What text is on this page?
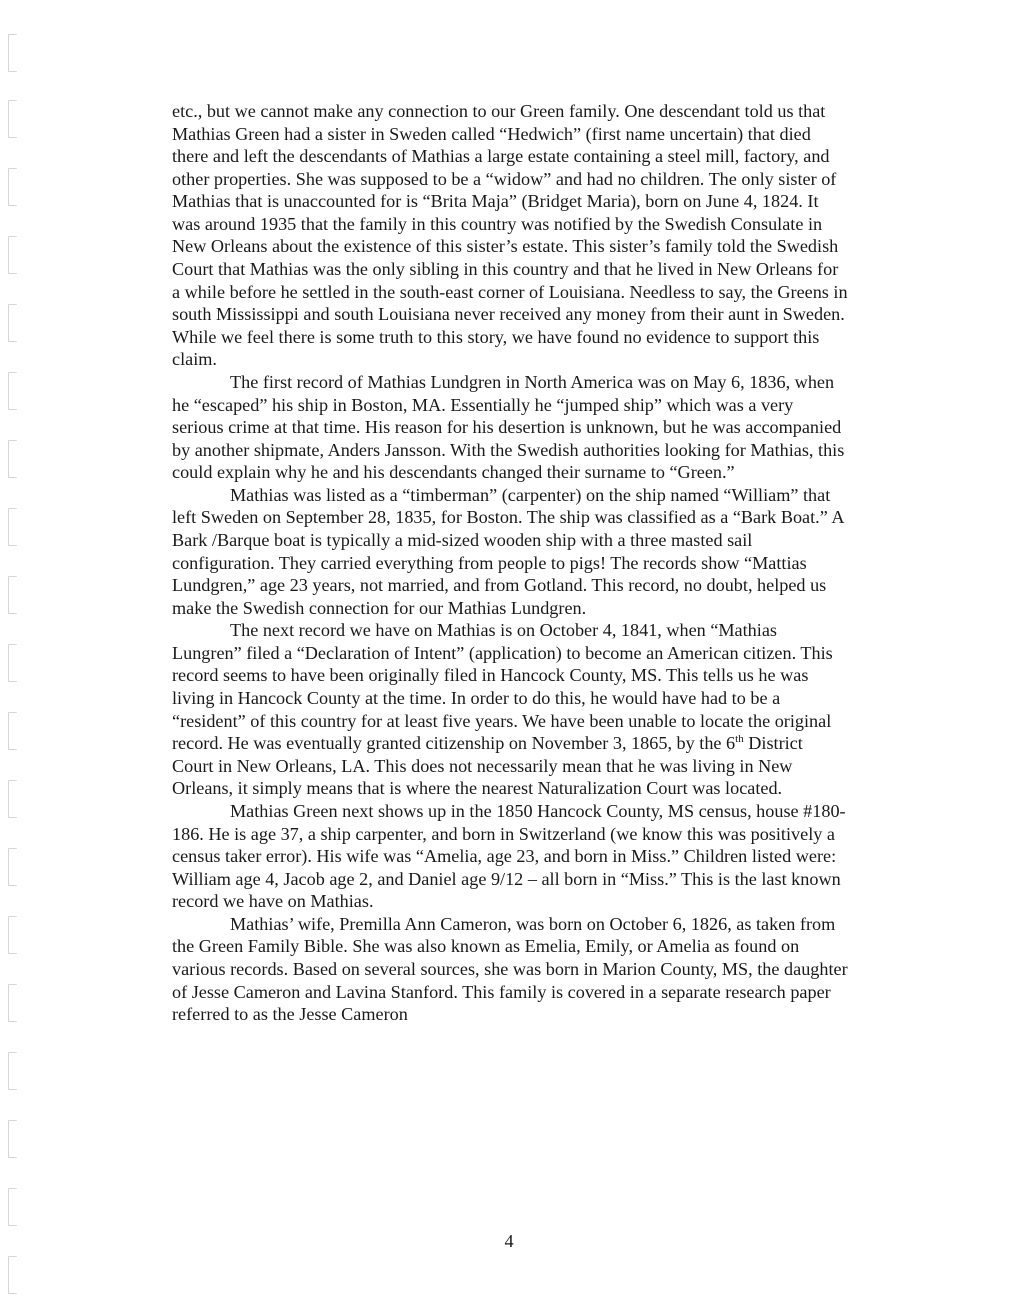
etc., but we cannot make any connection to our Green family. One descendant told us that Mathias Green had a sister in Sweden called “Hedwich” (first name uncertain) that died there and left the descendants of Mathias a large estate containing a steel mill, factory, and other properties. She was supposed to be a “widow” and had no children. The only sister of Mathias that is unaccounted for is “Brita Maja” (Bridget Maria), born on June 4, 1824. It was around 1935 that the family in this country was notified by the Swedish Consulate in New Orleans about the existence of this sister’s estate. This sister’s family told the Swedish Court that Mathias was the only sibling in this country and that he lived in New Orleans for a while before he settled in the south-east corner of Louisiana. Needless to say, the Greens in south Mississippi and south Louisiana never received any money from their aunt in Sweden. While we feel there is some truth to this story, we have found no evidence to support this claim.

The first record of Mathias Lundgren in North America was on May 6, 1836, when he “escaped” his ship in Boston, MA. Essentially he “jumped ship” which was a very serious crime at that time. His reason for his desertion is unknown, but he was accompanied by another shipmate, Anders Jansson. With the Swedish authorities looking for Mathias, this could explain why he and his descendants changed their surname to “Green.”

Mathias was listed as a “timberman” (carpenter) on the ship named “William” that left Sweden on September 28, 1835, for Boston. The ship was classified as a “Bark Boat.” A Bark /Barque boat is typically a mid-sized wooden ship with a three masted sail configuration. They carried everything from people to pigs! The records show “Mattias Lundgren,” age 23 years, not married, and from Gotland. This record, no doubt, helped us make the Swedish connection for our Mathias Lundgren.

The next record we have on Mathias is on October 4, 1841, when “Mathias Lungren” filed a “Declaration of Intent” (application) to become an American citizen. This record seems to have been originally filed in Hancock County, MS. This tells us he was living in Hancock County at the time. In order to do this, he would have had to be a “resident” of this country for at least five years. We have been unable to locate the original record. He was eventually granted citizenship on November 3, 1865, by the 6th District Court in New Orleans, LA. This does not necessarily mean that he was living in New Orleans, it simply means that is where the nearest Naturalization Court was located.

Mathias Green next shows up in the 1850 Hancock County, MS census, house #180-186. He is age 37, a ship carpenter, and born in Switzerland (we know this was positively a census taker error). His wife was “Amelia, age 23, and born in Miss.” Children listed were: William age 4, Jacob age 2, and Daniel age 9/12 – all born in “Miss.” This is the last known record we have on Mathias.

Mathias’ wife, Premilla Ann Cameron, was born on October 6, 1826, as taken from the Green Family Bible. She was also known as Emelia, Emily, or Amelia as found on various records. Based on several sources, she was born in Marion County, MS, the daughter of Jesse Cameron and Lavina Stanford. This family is covered in a separate research paper referred to as the Jesse Cameron

4
